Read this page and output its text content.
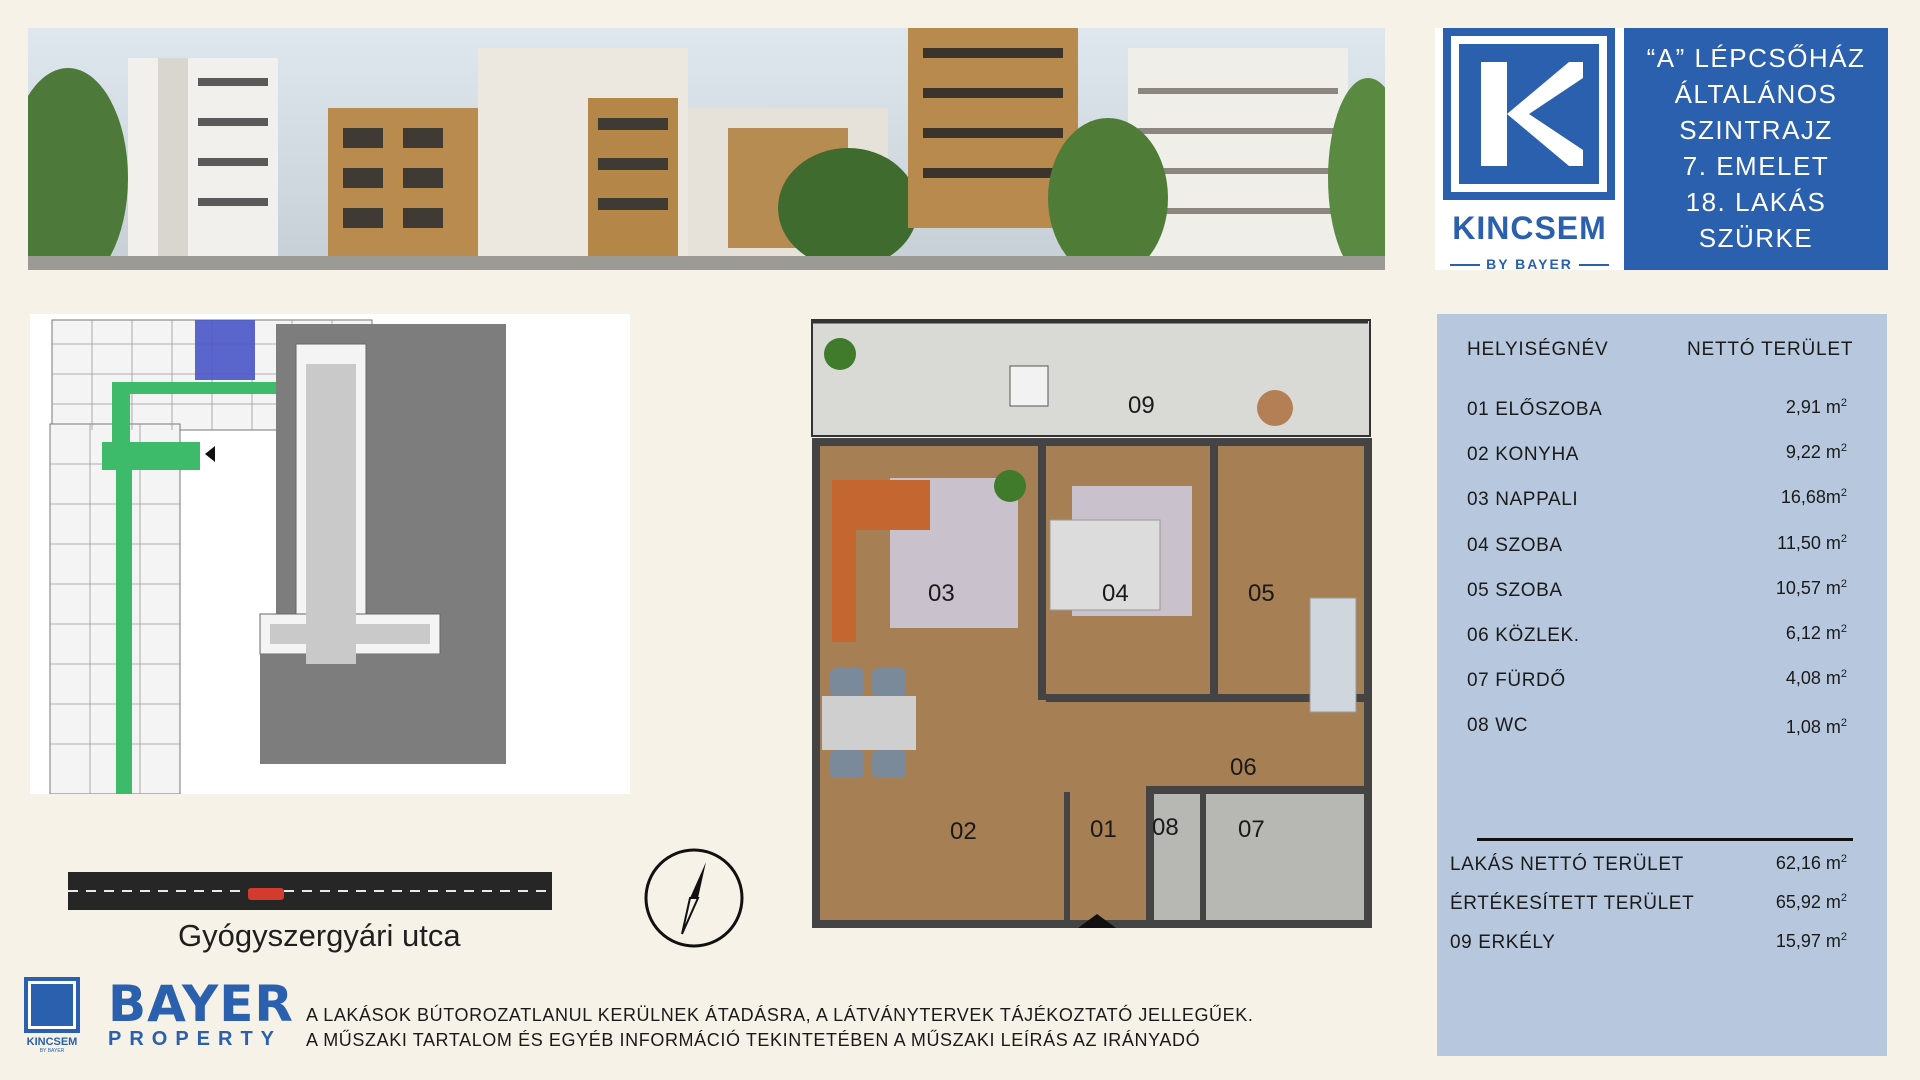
KINCSEM
BY BAYER
“A” LÉPCSŐHÁZ
ÁLTALÁNOS
SZINTRAJZ
7. EMELET
18. LAKÁS
SZÜRKE
HELYISÉGNÉV	NETTÓ TERÜLET
01 ELŐSZOBA	2,91 $m^2$
02 KONYHA	9,22 $m^2$
03 NAPPALI	$16,68m^2$
04 SZOBA	11,50 $m^2$
05 SZOBA	10,57 $m^2$
06 KÖZLEK.	6,12 $m^2$
07 FÜRDŐ	4,08 $m^2$
08 WC	1,08 $m^2$
LAKÁS NETTÓ TERÜLET	62,16 $m^2$
ÉRTÉKESÍTETT TERÜLET	65,92 $m^2$
09 ERKÉLY	15,97 $m^2$
Gyógyszergyári utca
09
03	04	05
06
02	01 08 07
KINCSEM
BY BAYER
BAYER
PROPERTY
A LAKÁSOK BÚTOROZATLANUL KERÜLNEK ÁTADÁSRA, A LÁTVÁNYTERVEK TÁJÉKOZTATÓ JELLEGŰEK.
A MŰSZAKI TARTALOM ÉS EGYÉB INFORMÁCIÓ TEKINTETÉBEN A MŰSZAKI LEÍRÁS AZ IRÁNYADÓ
